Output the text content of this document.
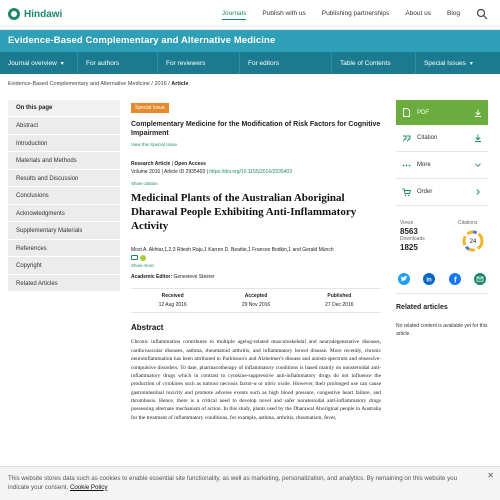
Hindawi	Journals Publish with us Publishing partnerships About us Blog
Evidence-Based Complementary and Alternative Medicine
Journal overview ▾	For authors	For reviewers	For editors	Table of Contents	Special Issues ▾
Evidence-Based Complementary and Alternative Medicine / 2016 / Article
On this page
Abstract
Introduction
Materials and Methods
Results and Discussion
Conclusions
Acknowledgments
Supplementary Materials
References
Copyright
Related Articles
Special Issue
Complementary Medicine for the Modification of Risk Factors for Cognitive Impairment
View this Special Issue
Research Article | Open Access
Volume 2016 | Article ID 2935403 | https://doi.org/10.1155/2016/2935403
Show citation
Medicinal Plants of the Australian Aboriginal Dharawal People Exhibiting Anti-Inflammatory Activity
Most A. Akhtar,1,2,3 Ritesh Raju,1 Karren D. Beattie,1 Frances Bodkin,1 and Gerald Münch
Show more
Academic Editor: Genevieve Steiner
Received
12 Aug 2016
Accepted
29 Nov 2016
Published
27 Dec 2016
Abstract
Chronic inflammation contributes to multiple ageing-related musculoskeletal and neurodegenerative diseases, cardiovascular diseases, asthma, rheumatoid arthritis, and inflammatory bowel disease. More recently, chronic neuroinflammation has been attributed to Parkinson's and Alzheimer's disease and autism-spectrum and obsessive-compulsive disorders. To date, pharmacotherapy of inflammatory conditions is based mainly on nonsteroidal anti-inflammatory drugs which in contrast to cytokine-suppressive anti-inflammatory drugs do not influence the production of cytokines such as tumour necrosis factor-α or nitric oxide. However, their prolonged use can cause gastrointestinal toxicity and promote adverse events such as high blood pressure, congestive heart failure, and thrombosis. Hence, there is a critical need to develop novel and safer nonsteroidal anti-inflammatory drugs possessing alternate mechanism of action. In this study, plants used by the Dharawal Aboriginal people in Australia for the treatment of inflammatory conditions, for example, asthma, arthritis, rheumatism, fever,
PDF
Citation
More
Order
Views
8563
Downloads
1825
Citations
24
in	f
Related articles
No related content is available yet for this article.
This website stores data such as cookies to enable essential site functionality, as well as marketing, personalization, and analytics. By remaining on this website you indicate your consent. Cookie Policy
✕
